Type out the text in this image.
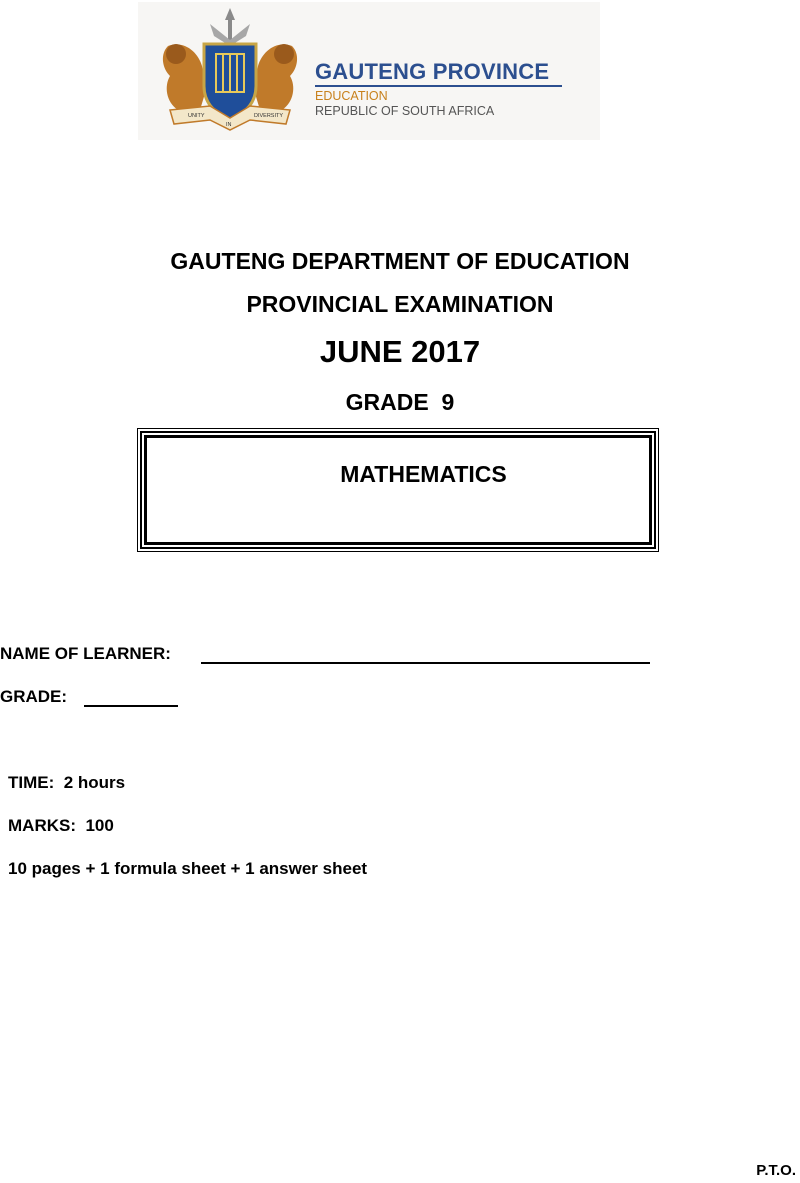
UNITY
IN
DIVERSITY
GAUTENG PROVINCE
EDUCATION
REPUBLIC OF SOUTH AFRICA
GAUTENG DEPARTMENT OF EDUCATION
PROVINCIAL EXAMINATION
JUNE 2017
GRADE  9
MATHEMATICS
NAME OF LEARNER:
GRADE:
TIME:  2 hours
MARKS:  100
10 pages + 1 formula sheet + 1 answer sheet
P.T.O.
